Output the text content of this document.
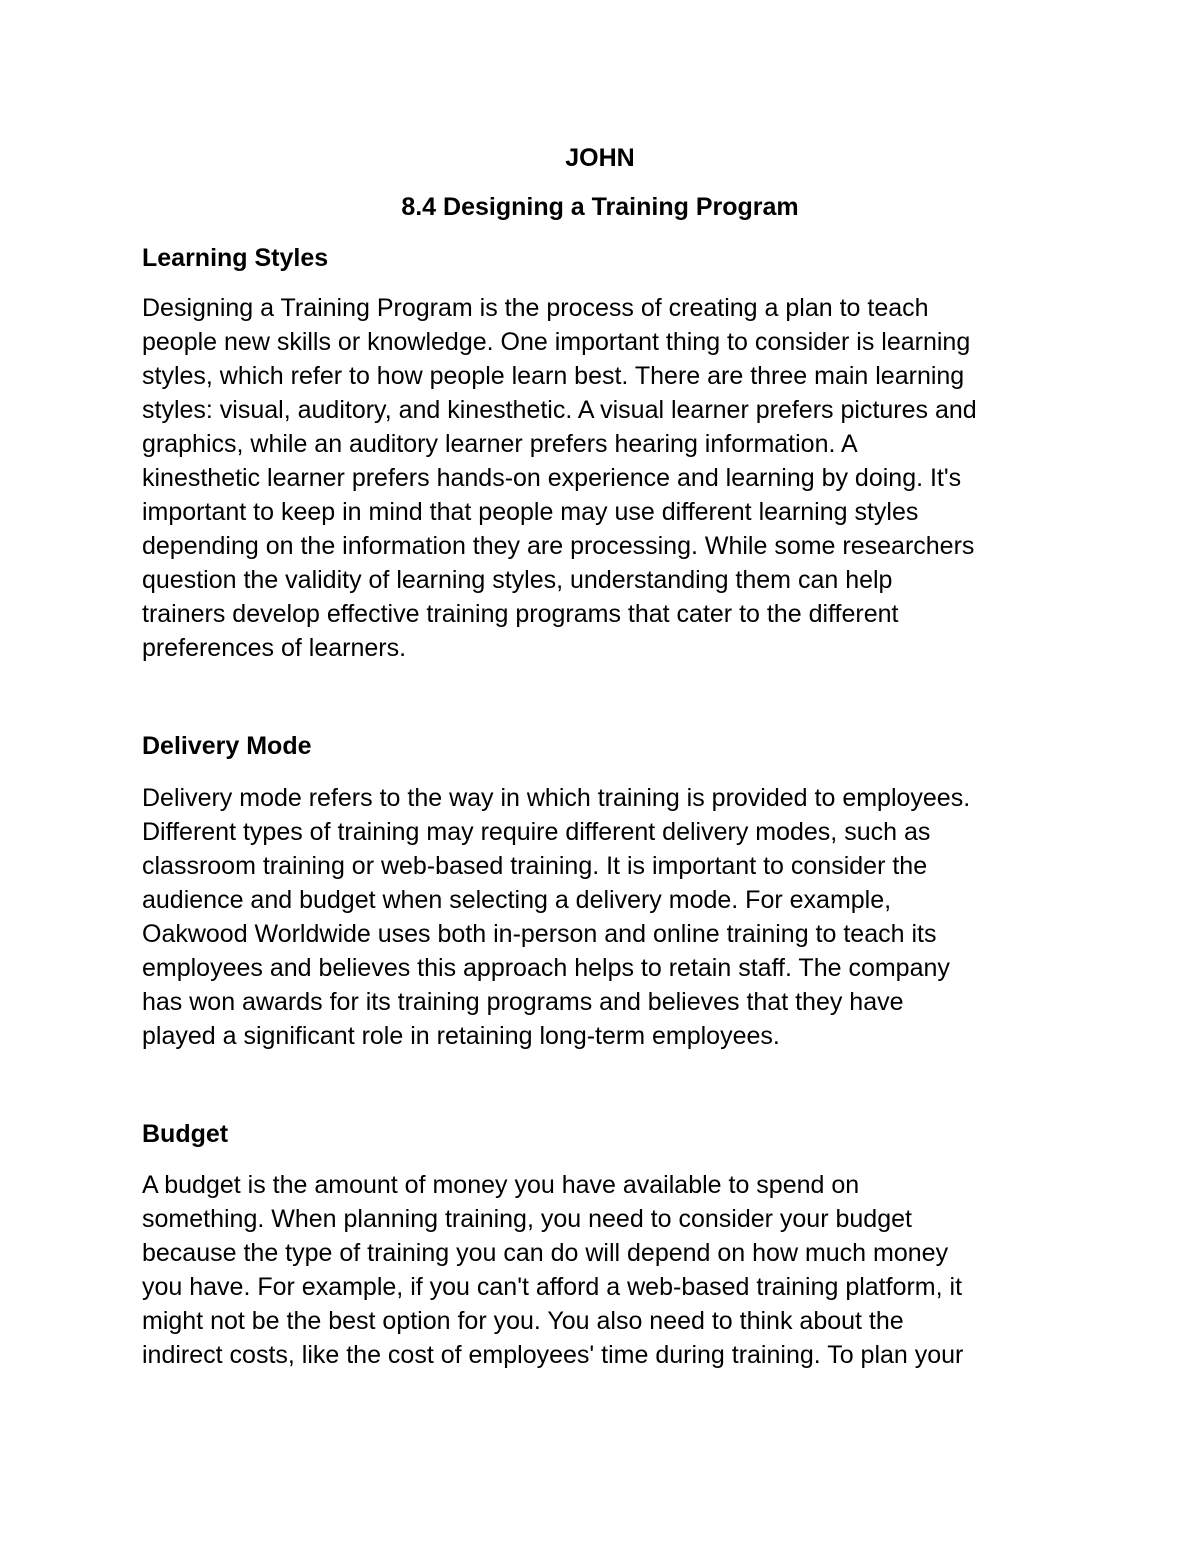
JOHN
8.4 Designing a Training Program
Learning Styles
Designing a Training Program is the process of creating a plan to teach
people new skills or knowledge. One important thing to consider is learning
styles, which refer to how people learn best. There are three main learning
styles: visual, auditory, and kinesthetic. A visual learner prefers pictures and
graphics, while an auditory learner prefers hearing information. A
kinesthetic learner prefers hands-on experience and learning by doing. It's
important to keep in mind that people may use different learning styles
depending on the information they are processing. While some researchers
question the validity of learning styles, understanding them can help
trainers develop effective training programs that cater to the different
preferences of learners.
Delivery Mode
Delivery mode refers to the way in which training is provided to employees.
Different types of training may require different delivery modes, such as
classroom training or web-based training. It is important to consider the
audience and budget when selecting a delivery mode. For example,
Oakwood Worldwide uses both in-person and online training to teach its
employees and believes this approach helps to retain staff. The company
has won awards for its training programs and believes that they have
played a significant role in retaining long-term employees.
Budget
A budget is the amount of money you have available to spend on
something. When planning training, you need to consider your budget
because the type of training you can do will depend on how much money
you have. For example, if you can't afford a web-based training platform, it
might not be the best option for you. You also need to think about the
indirect costs, like the cost of employees' time during training. To plan your
